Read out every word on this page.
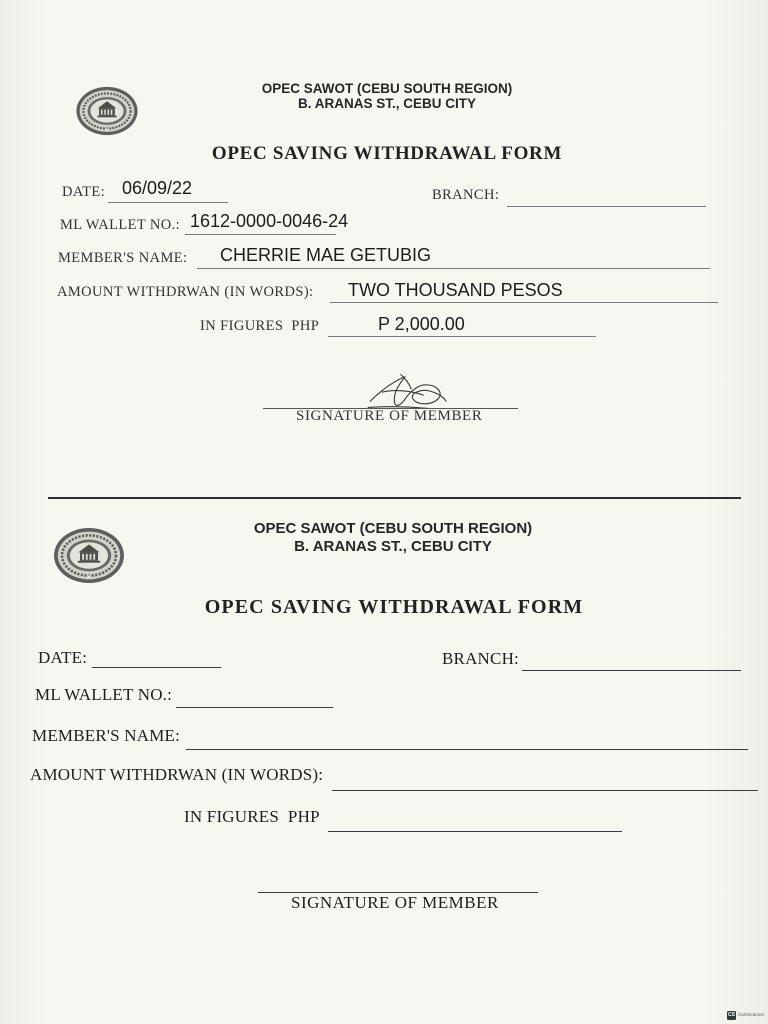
OPEC SAWOT (CEBU SOUTH REGION)
B. ARANAS ST., CEBU CITY
OPEC SAVING WITHDRAWAL FORM
DATE: 06/09/22	BRANCH:
ML WALLET NO.: 1612-0000-0046-24
MEMBER'S NAME: CHERRIE MAE GETUBIG
AMOUNT WITHDRWAN (IN WORDS): TWO THOUSAND PESOS
IN FIGURES  PHP	P 2,000.00
SIGNATURE OF MEMBER
OPEC SAWOT (CEBU SOUTH REGION)
B. ARANAS ST., CEBU CITY
OPEC SAVING WITHDRAWAL FORM
DATE:	BRANCH:
ML WALLET NO.:
MEMBER'S NAME:
AMOUNT WITHDRWAN (IN WORDS):
IN FIGURES  PHP
SIGNATURE OF MEMBER
CS CamScanner
